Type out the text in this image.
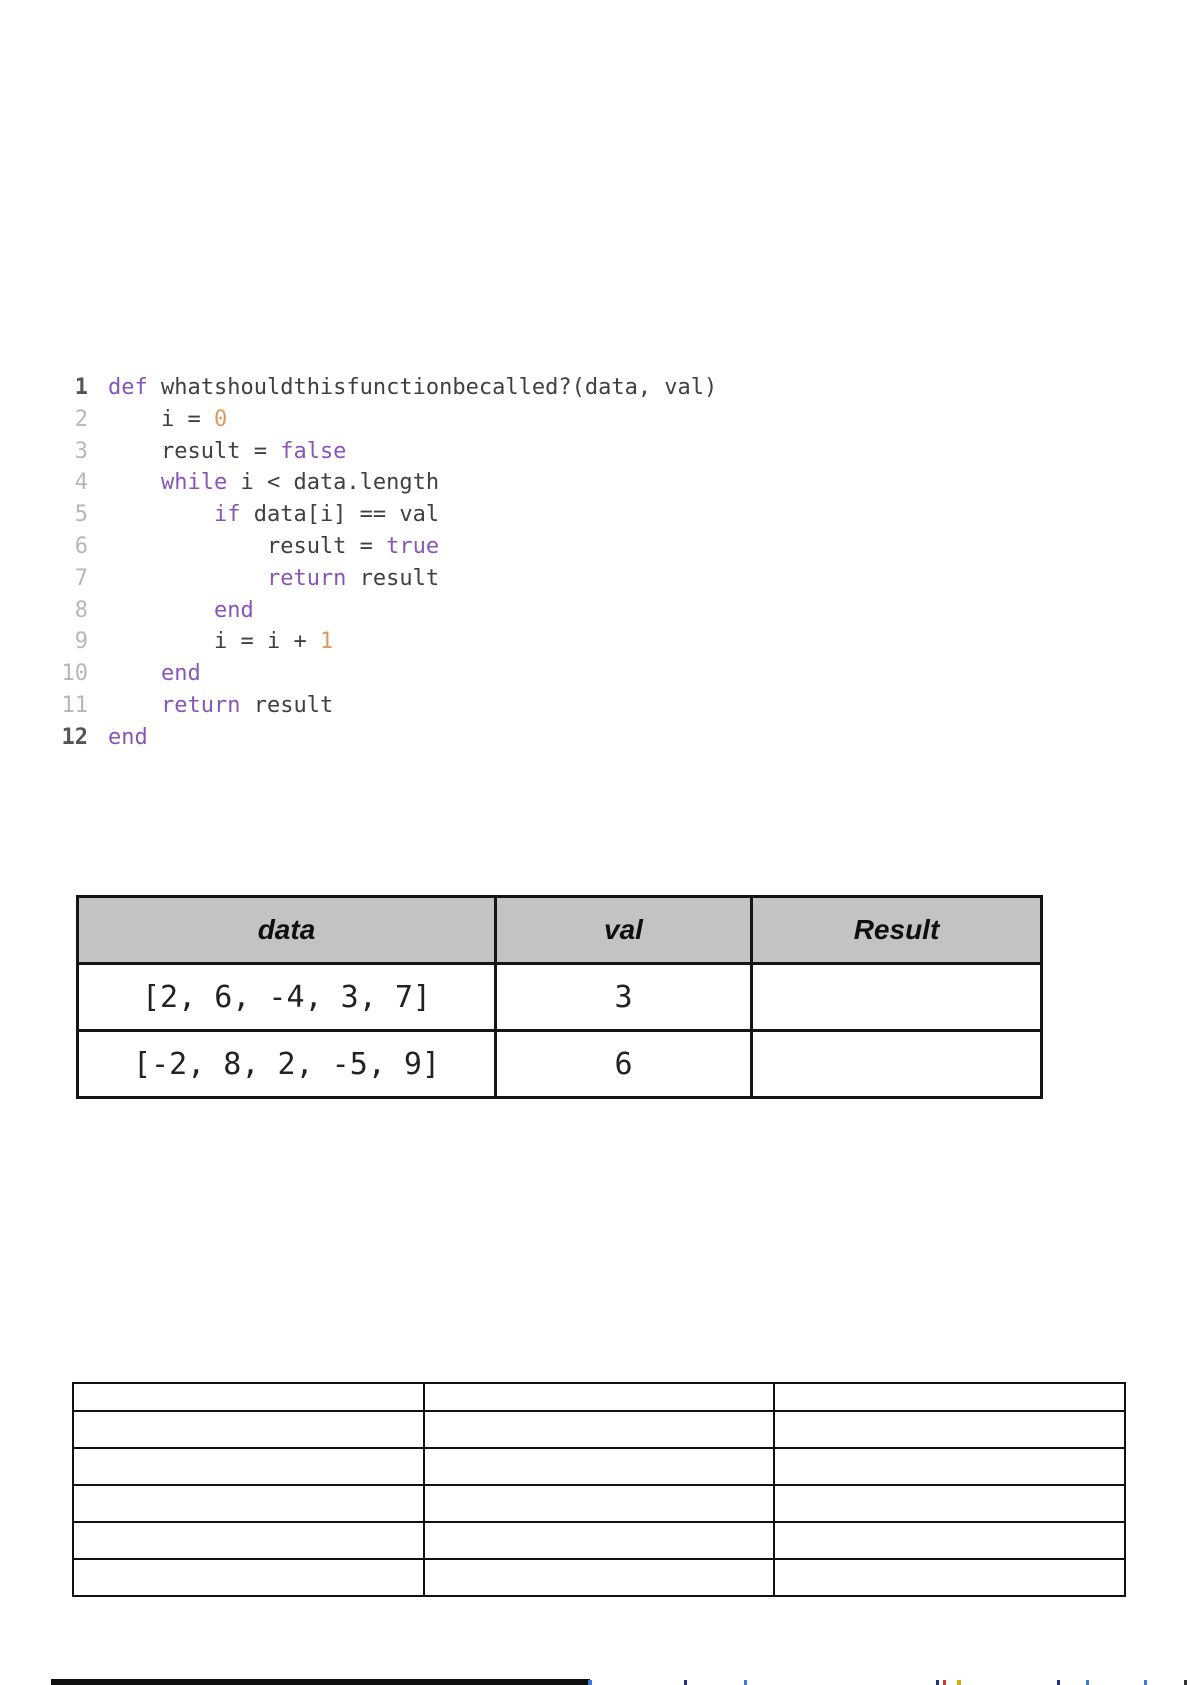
1 def whatshouldthisfunctionbecalled?(data, val)
2	i = 0
3	result = false
4	while i < data.length
5	if data[i] == val
6	result = true
7	return result
8	end
9	i = i + 1
10	end
11	return result
12 end
data	val	Result
[2, 6, -4, 3, 7]	3	
[-2, 8, 2, -5, 9]	6	
